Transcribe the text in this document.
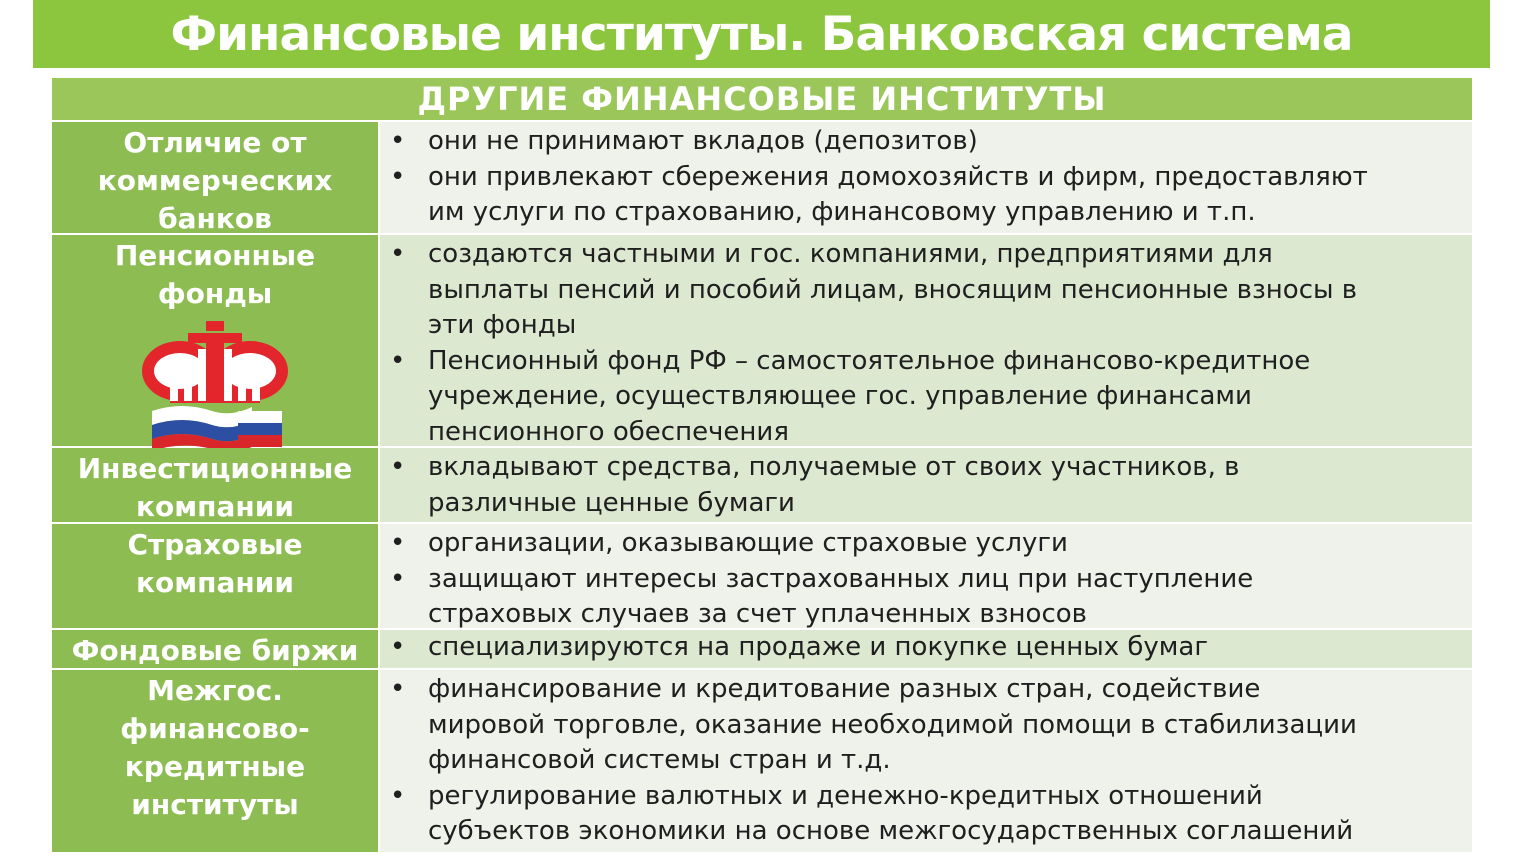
Финансовые институты. Банковская система
ДРУГИЕ ФИНАНСОВЫЕ ИНСТИТУТЫ
Отличие от
коммерческих
банков
• они не принимают вкладов (депозитов)
• они привлекают сбережения домохозяйств и фирм, предоставляют
им услуги по страхованию, финансовому управлению и т.п.
Пенсионные
фонды
• создаются частными и гос. компаниями, предприятиями для
выплаты пенсий и пособий лицам, вносящим пенсионные взносы в
эти фонды
• Пенсионный фонд РФ – самостоятельное финансово-кредитное
учреждение, осуществляющее гос. управление финансами
пенсионного обеспечения
Инвестиционные
компании
• вкладывают средства, получаемые от своих участников, в
различные ценные бумаги
Страховые
компании
• организации, оказывающие страховые услуги
• защищают интересы застрахованных лиц при наступление
страховых случаев за счет уплаченных взносов
Фондовые биржи	• специализируются на продаже и покупке ценных бумаг
Межгос.
финансово-
кредитные
институты
• финансирование и кредитование разных стран, содействие
мировой торговле, оказание необходимой помощи в стабилизации
финансовой системы стран и т.д.
• регулирование валютных и денежно-кредитных отношений
субъектов экономики на основе межгосударственных соглашений
